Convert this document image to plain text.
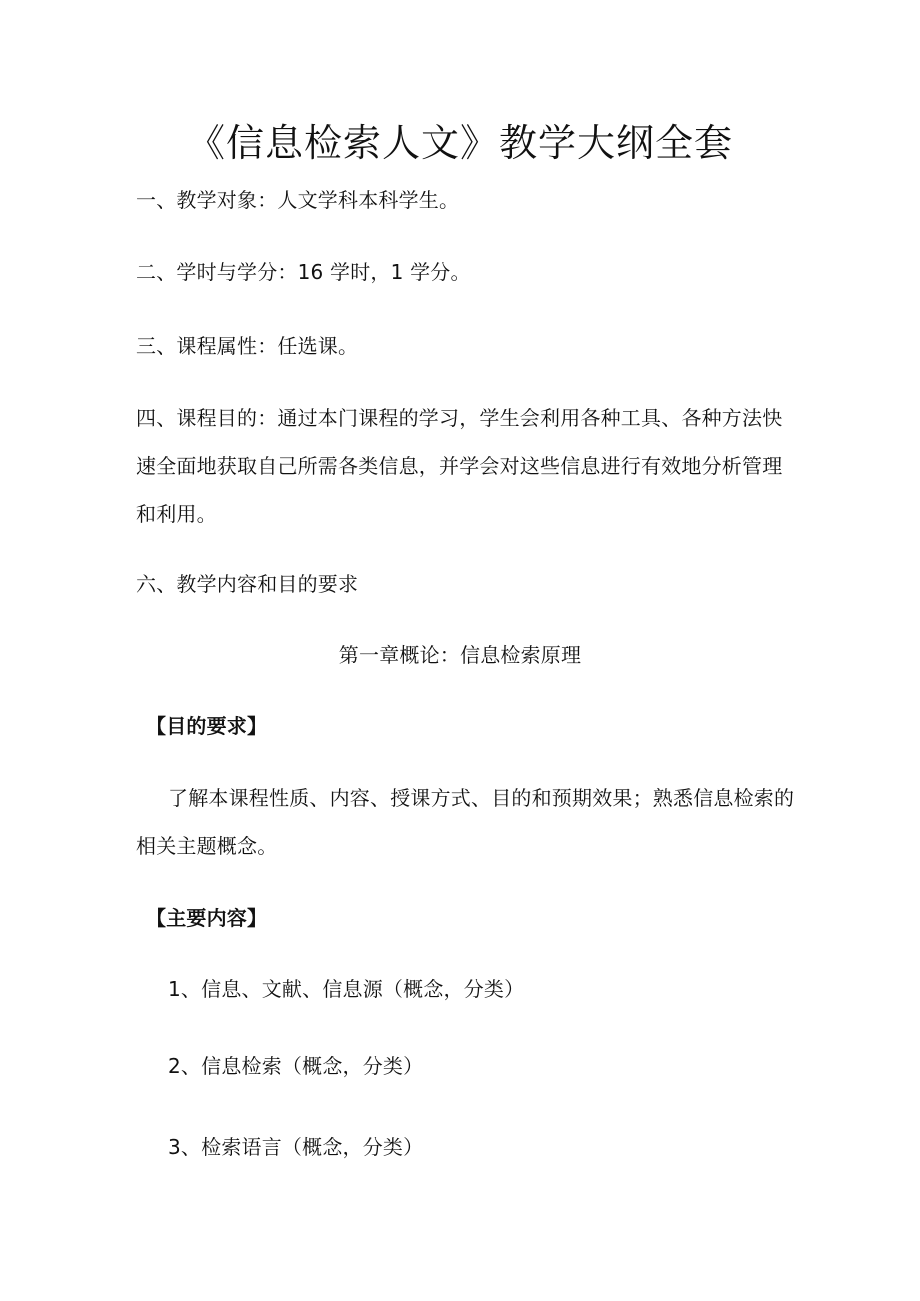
《信息检索人文》教学大纲全套
一、教学对象：人文学科本科学生。
二、学时与学分：16 学时，1 学分。
三、课程属性：任选课。
四、课程目的：通过本门课程的学习，学生会利用各种工具、各种方法快
速全面地获取自己所需各类信息，并学会对这些信息进行有效地分析管理
和利用。
六、教学内容和目的要求
第一章概论：信息检索原理
【目的要求】
了解本课程性质、内容、授课方式、目的和预期效果；熟悉信息检索的
相关主题概念。
【主要内容】
1、信息、文献、信息源（概念，分类）
2、信息检索（概念，分类）
3、检索语言（概念，分类）
